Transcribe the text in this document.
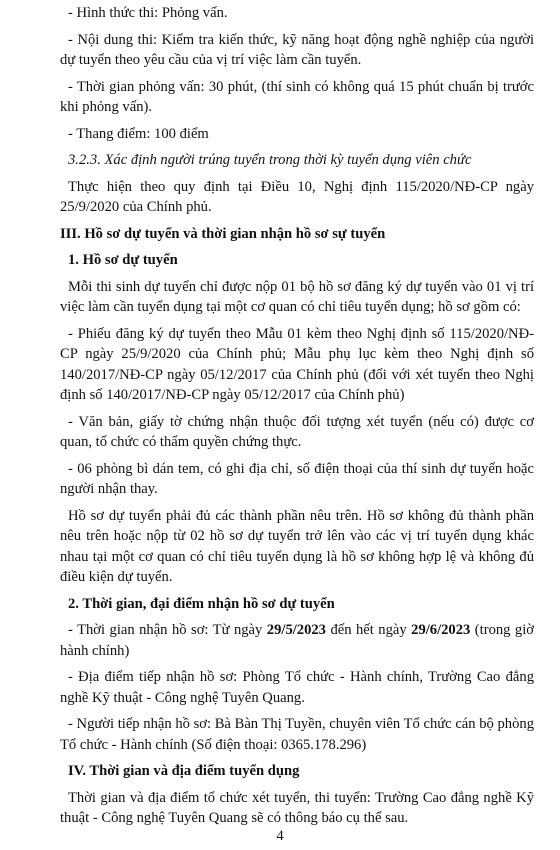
- Hình thức thi: Phỏng vấn.

- Nội dung thi: Kiểm tra kiến thức, kỹ năng hoạt động nghề nghiệp của người dự tuyển theo yêu cầu của vị trí việc làm cần tuyển.

- Thời gian phỏng vấn: 30 phút, (thí sinh có không quá 15 phút chuẩn bị trước khi phỏng vấn).

- Thang điểm: 100 điểm

3.2.3. Xác định người trúng tuyển trong thời kỳ tuyển dụng viên chức

Thực hiện theo quy định tại Điều 10, Nghị định 115/2020/NĐ-CP ngày 25/9/2020 của Chính phủ.

III. Hồ sơ dự tuyển và thời gian nhận hồ sơ sự tuyển

1. Hồ sơ dự tuyển

Mỗi thi sinh dự tuyển chỉ được nộp 01 bộ hồ sơ đăng ký dự tuyển vào 01 vị trí việc làm cần tuyển dụng tại một cơ quan có chỉ tiêu tuyển dụng; hồ sơ gồm có:

- Phiếu đăng ký dự tuyển theo Mẫu 01 kèm theo Nghị định số 115/2020/NĐ-CP ngày 25/9/2020 của Chính phủ; Mẫu phụ lục kèm theo Nghị định số 140/2017/NĐ-CP ngày 05/12/2017 của Chính phủ (đối với xét tuyển theo Nghị định số 140/2017/NĐ-CP ngày 05/12/2017 của Chính phủ)

- Văn bản, giấy tờ chứng nhận thuộc đối tượng xét tuyển (nếu có) được cơ quan, tổ chức có thẩm quyền chứng thực.

- 06 phòng bì dán tem, có ghi địa chỉ, số điện thoại của thí sinh dự tuyển hoặc người nhận thay.

Hồ sơ dự tuyển phải đủ các thành phần nêu trên. Hồ sơ không đủ thành phần nêu trên hoặc nộp từ 02 hồ sơ dự tuyển trở lên vào các vị trí tuyển dụng khác nhau tại một cơ quan có chỉ tiêu tuyển dụng là hồ sơ không hợp lệ và không đủ điều kiện dự tuyển.

2. Thời gian, đại điểm nhận hồ sơ dự tuyển

- Thời gian nhận hồ sơ: Từ ngày 29/5/2023 đến hết ngày 29/6/2023 (trong giờ hành chính)

- Địa điểm tiếp nhận hồ sơ: Phòng Tổ chức - Hành chính, Trường Cao đẳng nghề Kỹ thuật - Công nghệ Tuyên Quang.

- Người tiếp nhận hồ sơ: Bà Bàn Thị Tuyền, chuyên viên Tổ chức cán bộ phòng Tổ chức - Hành chính (Số điện thoại: 0365.178.296)

IV. Thời gian và địa điểm tuyển dụng

Thời gian và địa điểm tổ chức xét tuyển, thi tuyển: Trường Cao đẳng nghề Kỹ thuật - Công nghệ Tuyên Quang sẽ có thông báo cụ thể sau.

4
